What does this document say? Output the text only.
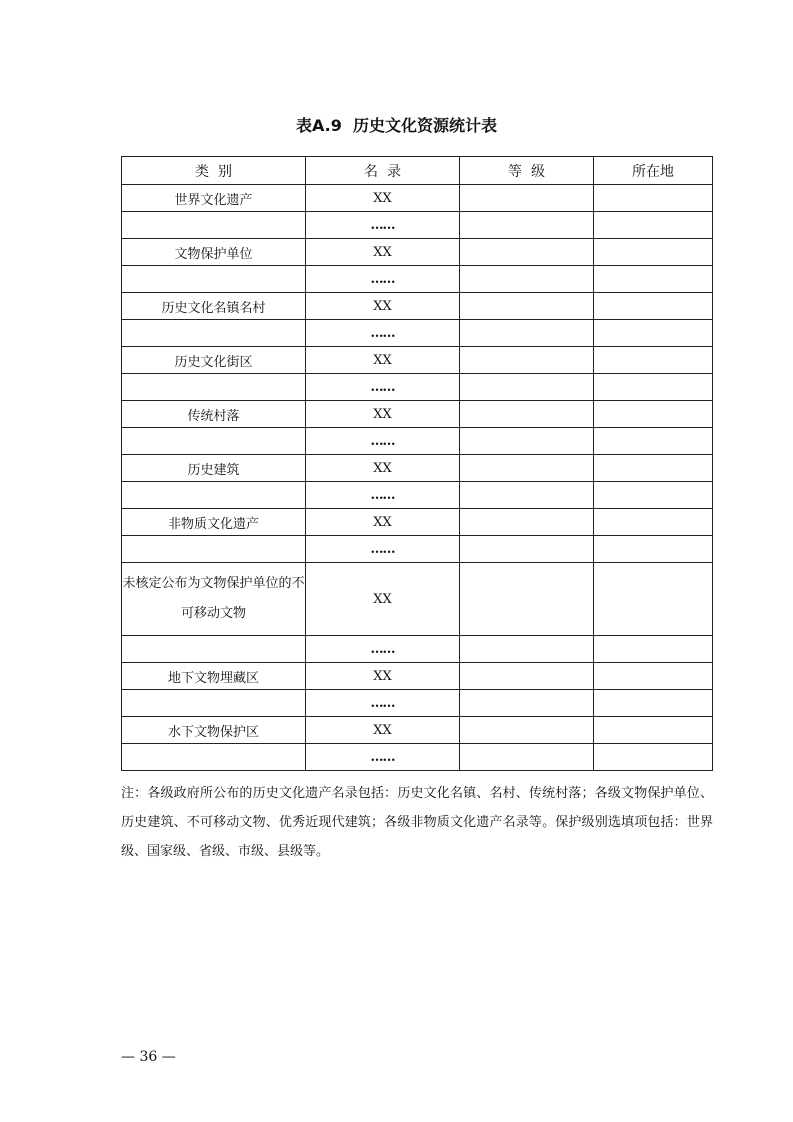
表A.9  历史文化资源统计表
类  别	名  录	等  级	所在地
世界文化遗产	XX		
	……		
文物保护单位	XX		
	……		
历史文化名镇名村	XX		
	……		
历史文化街区	XX		
	……		
传统村落	XX		
	……		
历史建筑	XX		
	……		
非物质文化遗产	XX		
	……		
未核定公布为文物保护单位的不可移动文物	XX		
	……		
地下文物埋藏区	XX		
	……		
水下文物保护区	XX		
	……		
注：各级政府所公布的历史文化遗产名录包括：历史文化名镇、名村、传统村落；各级文物保护单位、历史建筑、不可移动文物、优秀近现代建筑；各级非物质文化遗产名录等。保护级别选填项包括：世界级、国家级、省级、市级、县级等。
— 36 —
